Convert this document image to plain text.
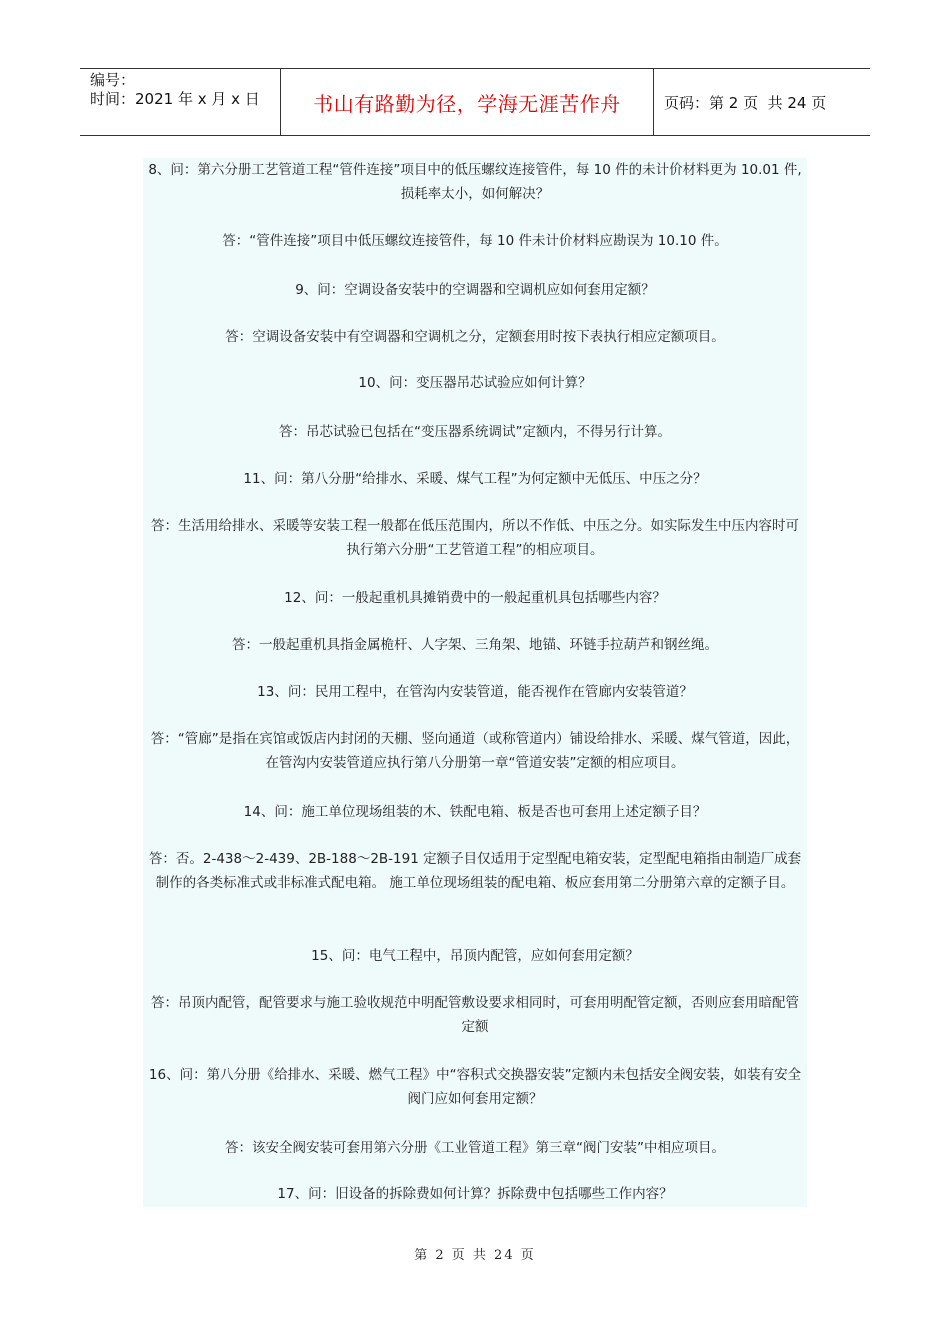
编号：
时间：2021 年 x 月 x 日	书山有路勤为径，学海无涯苦作舟	页码：第 2 页  共 24 页
8、问：第六分册工艺管道工程“管件连接”项目中的低压螺纹连接管件，每 10 件的未计价材料更为 10.01 件,损耗率太小，如何解决？
答：“管件连接”项目中低压螺纹连接管件，每 10 件未计价材料应勘误为 10.10 件。
9、问：空调设备安装中的空调器和空调机应如何套用定额？
答：空调设备安装中有空调器和空调机之分，定额套用时按下表执行相应定额项目。
10、问：变压器吊芯试验应如何计算？
答：吊芯试验已包括在“变压器系统调试”定额内，不得另行计算。
11、问：第八分册“给排水、采暖、煤气工程”为何定额中无低压、中压之分？
答：生活用给排水、采暖等安装工程一般都在低压范围内，所以不作低、中压之分。如实际发生中压内容时可执行第六分册“工艺管道工程”的相应项目。
12、问：一般起重机具摊销费中的一般起重机具包括哪些内容？
答：一般起重机具指金属桅杆、人字架、三角架、地锚、环链手拉葫芦和钢丝绳。
13、问：民用工程中，在管沟内安装管道，能否视作在管廊内安装管道？
答：“管廊”是指在宾馆或饭店内封闭的天棚、竖向通道（或称管道内）铺设给排水、采暖、煤气管道，因此，在管沟内安装管道应执行第八分册第一章“管道安装”定额的相应项目。
14、问：施工单位现场组装的木、铁配电箱、板是否也可套用上述定额子目？
答：否。2-438～2-439、2B-188～2B-191 定额子目仅适用于定型配电箱安装，定型配电箱指由制造厂成套制作的各类标准式或非标准式配电箱。 施工单位现场组装的配电箱、板应套用第二分册第六章的定额子目。
15、问：电气工程中，吊顶内配管，应如何套用定额？
答：吊顶内配管，配管要求与施工验收规范中明配管敷设要求相同时，可套用明配管定额，否则应套用暗配管定额
16、问：第八分册《给排水、采暖、燃气工程》中“容积式交换器安装”定额内未包括安全阀安装，如装有安全阀门应如何套用定额？
答：该安全阀安装可套用第六分册《工业管道工程》第三章“阀门安装”中相应项目。
17、问：旧设备的拆除费如何计算？拆除费中包括哪些工作内容？
第 2 页 共 24 页
